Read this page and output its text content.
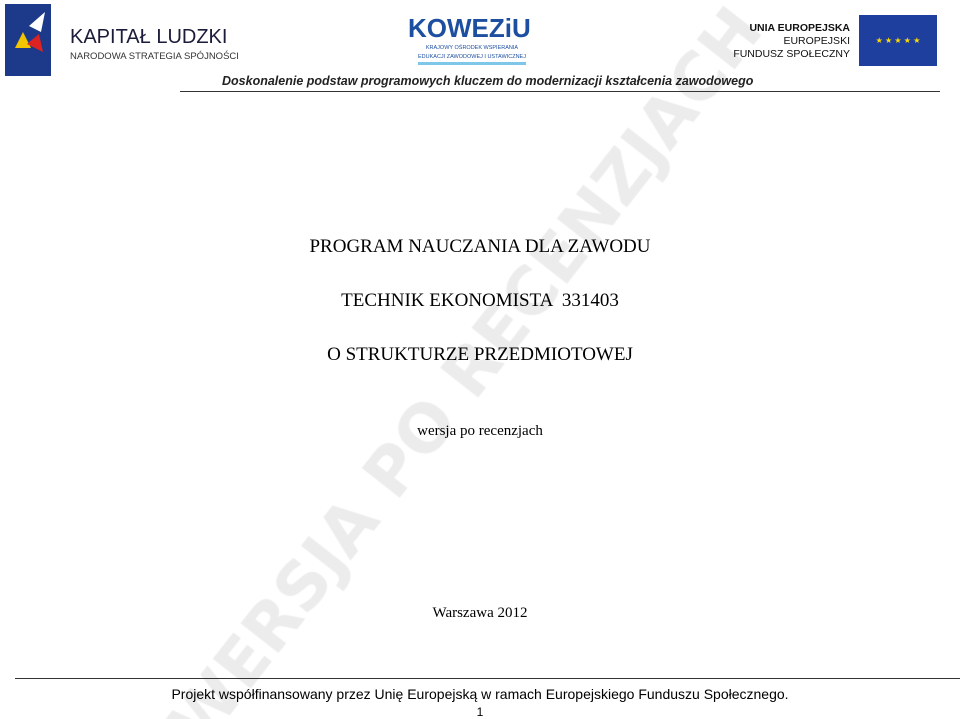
KAPITAŁ LUDZKI
NARODOWA STRATEGIA SPÓJNOŚCI
KOWEZiU
KRAJOWY OŚRODEK WSPIERANIA
EDUKACJI ZAWODOWEJ I USTAWICZNEJ
UNIA EUROPEJSKA
EUROPEJSKI
FUNDUSZ SPOŁECZNY
★ ★ ★ ★ ★
Doskonalenie podstaw programowych kluczem do modernizacji kształcenia zawodowego
PROGRAM NAUCZANIA DLA ZAWODU
TECHNIK EKONOMISTA  331403
O STRUKTURZE PRZEDMIOTOWEJ
wersja po recenzjach
Warszawa 2012
Projekt współfinansowany przez Unię Europejską w ramach Europejskiego Funduszu Społecznego.
1
